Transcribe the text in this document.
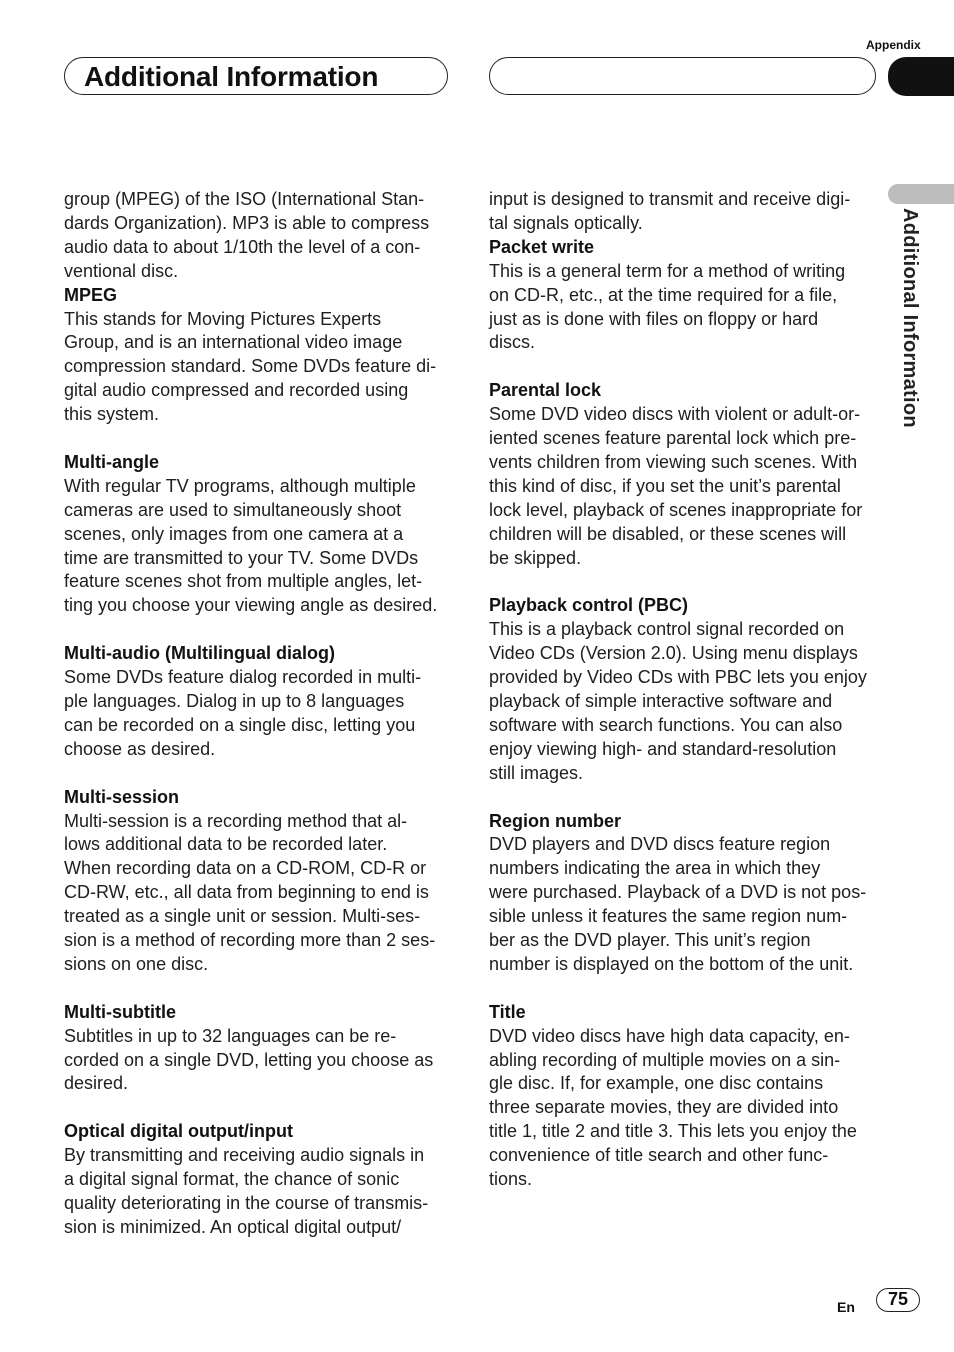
Appendix
Additional Information
Additional Information

group (MPEG) of the ISO (International Stan-
dards Organization). MP3 is able to compress
audio data to about 1/10th the level of a con-
ventional disc.

MPEG

This stands for Moving Pictures Experts
Group, and is an international video image
compression standard. Some DVDs feature di-
gital audio compressed and recorded using
this system.

Multi-angle

With regular TV programs, although multiple
cameras are used to simultaneously shoot
scenes, only images from one camera at a
time are transmitted to your TV. Some DVDs
feature scenes shot from multiple angles, let-
ting you choose your viewing angle as desired.

Multi-audio (Multilingual dialog)

Some DVDs feature dialog recorded in multi-
ple languages. Dialog in up to 8 languages
can be recorded on a single disc, letting you
choose as desired.

Multi-session

Multi-session is a recording method that al-
lows additional data to be recorded later.
When recording data on a CD-ROM, CD-R or
CD-RW, etc., all data from beginning to end is
treated as a single unit or session. Multi-ses-
sion is a method of recording more than 2 ses-
sions on one disc.

Multi-subtitle

Subtitles in up to 32 languages can be re-
corded on a single DVD, letting you choose as
desired.

Optical digital output/input

By transmitting and receiving audio signals in
a digital signal format, the chance of sonic
quality deteriorating in the course of transmis-
sion is minimized. An optical digital output/

input is designed to transmit and receive digi-
tal signals optically.

Packet write

This is a general term for a method of writing
on CD-R, etc., at the time required for a file,
just as is done with files on floppy or hard
discs.

Parental lock

Some DVD video discs with violent or adult-or-
iented scenes feature parental lock which pre-
vents children from viewing such scenes. With
this kind of disc, if you set the unit’s parental
lock level, playback of scenes inappropriate for
children will be disabled, or these scenes will
be skipped.

Playback control (PBC)

This is a playback control signal recorded on
Video CDs (Version 2.0). Using menu displays
provided by Video CDs with PBC lets you enjoy
playback of simple interactive software and
software with search functions. You can also
enjoy viewing high- and standard-resolution
still images.

Region number

DVD players and DVD discs feature region
numbers indicating the area in which they
were purchased. Playback of a DVD is not pos-
sible unless it features the same region num-
ber as the DVD player. This unit’s region
number is displayed on the bottom of the unit.

Title

DVD video discs have high data capacity, en-
abling recording of multiple movies on a sin-
gle disc. If, for example, one disc contains
three separate movies, they are divided into
title 1, title 2 and title 3. This lets you enjoy the
convenience of title search and other func-
tions.

En	75
